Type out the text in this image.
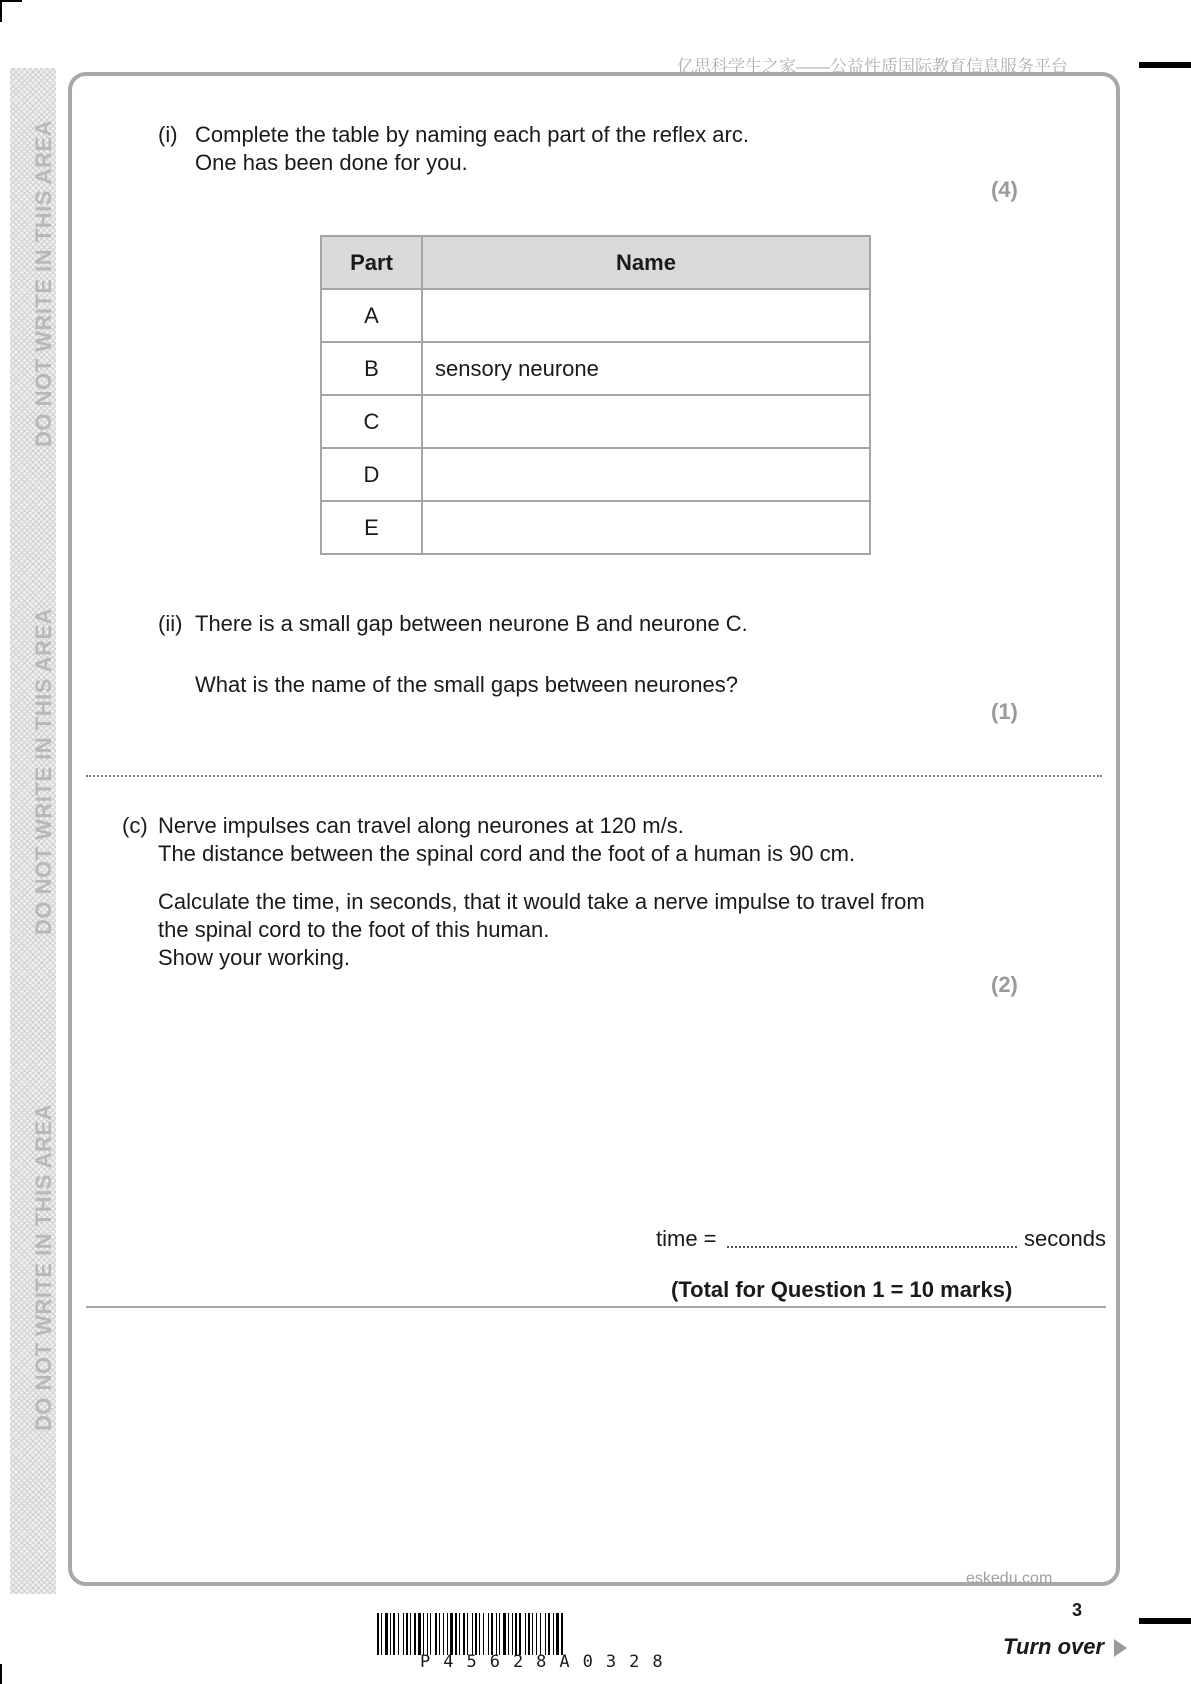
亿思科学生之家——公益性质国际教育信息服务平台
DO NOT WRITE IN THIS AREA
DO NOT WRITE IN THIS AREA
DO NOT WRITE IN THIS AREA
(i) Complete the table by naming each part of the reflex arc.
One has been done for you.
(4)
Part	Name
A	
B	sensory neurone
C	
D	
E	
(ii) There is a small gap between neurone B and neurone C.
What is the name of the small gaps between neurones?
(1)
(c) Nerve impulses can travel along neurones at 120 m/s.
The distance between the spinal cord and the foot of a human is 90 cm.
Calculate the time, in seconds, that it would take a nerve impulse to travel from
the spinal cord to the foot of this human.
Show your working.
(2)
time =	seconds
(Total for Question 1 = 10 marks)
eskedu.com
3
Turn over
P45628A0328
